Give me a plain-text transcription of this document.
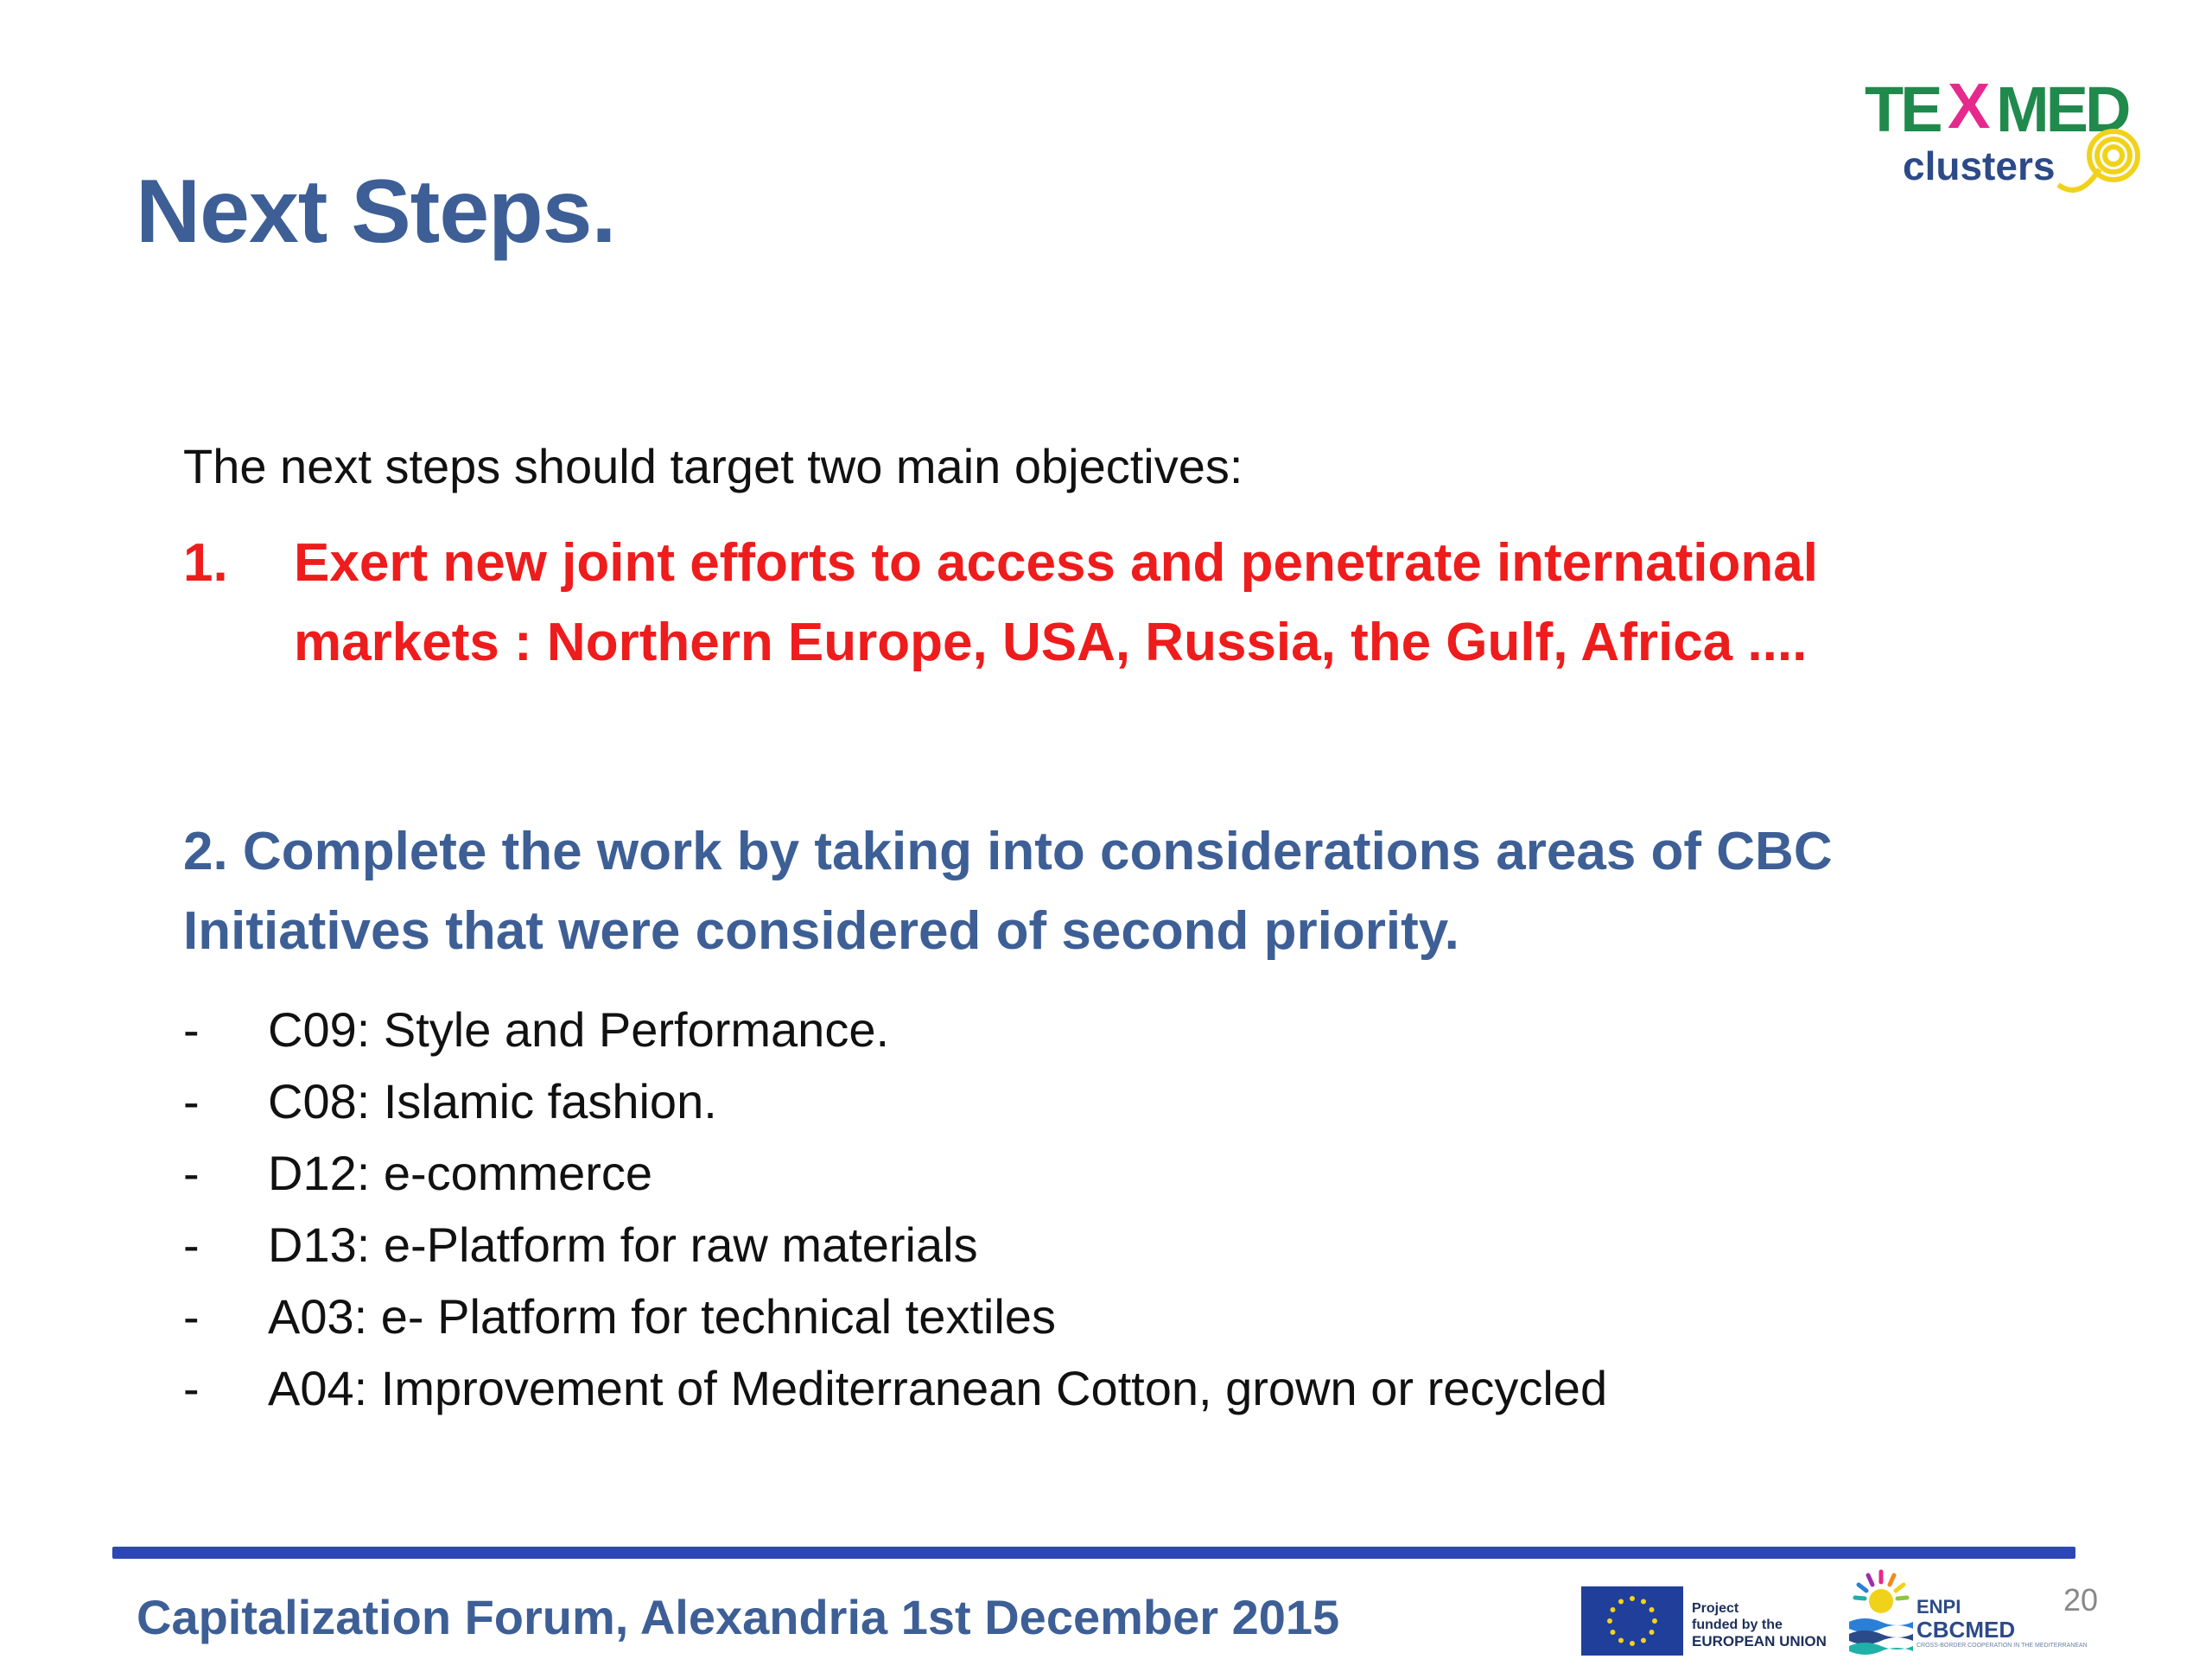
Next Steps.
TE X MED
clusters
The next steps should target two main objectives:
1. Exert new joint efforts to access and penetrate international markets : Northern Europe, USA, Russia, the Gulf, Africa ....
2. Complete the work by taking into considerations areas of CBC Initiatives that were considered of second priority.
- C09: Style and Performance.
- C08: Islamic fashion.
- D12: e-commerce
- D13: e-Platform for raw materials
- A03: e- Platform for technical textiles
- A04: Improvement of Mediterranean Cotton, grown or recycled
Capitalization Forum, Alexandria 1st December 2015	Project
funded by the
EUROPEAN UNION
ENPI
CBCMED
CROSS-BORDER COOPERATION IN THE MEDITERRANEAN
20
